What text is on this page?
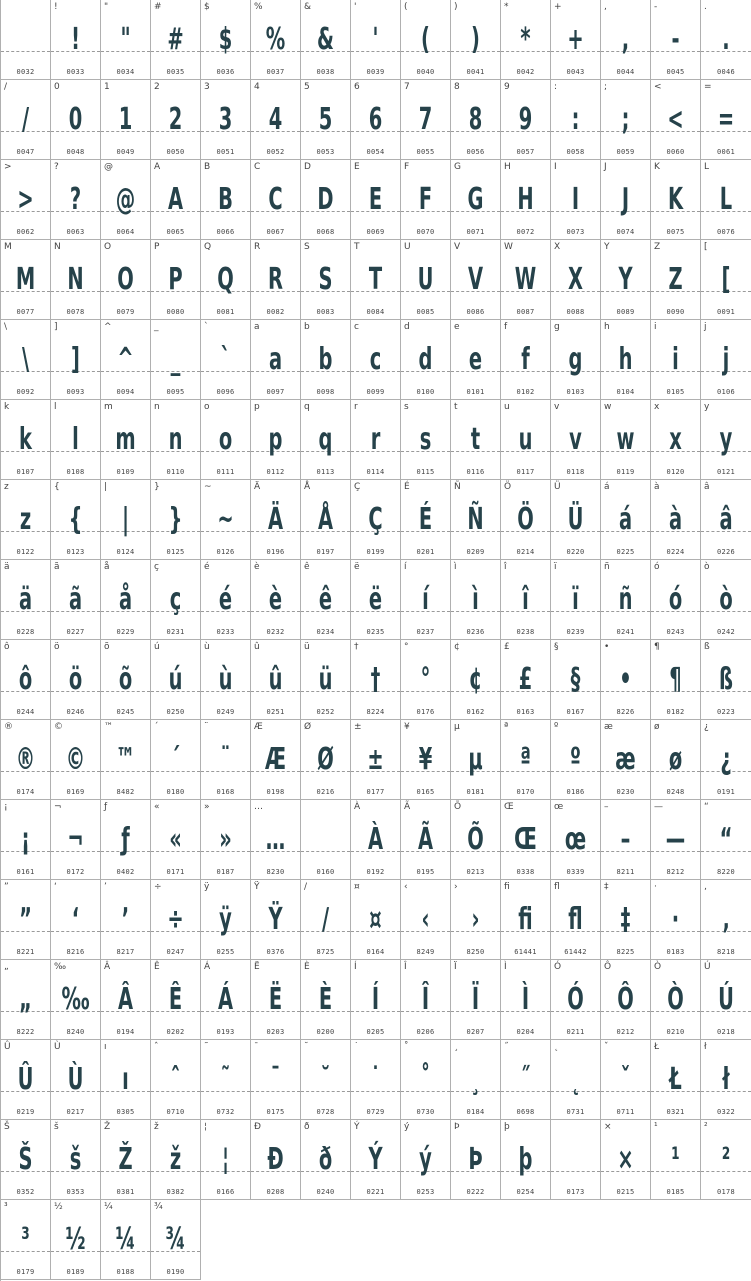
0032
!
!
0033
"
"
0034
#
#
0035
$
$
0036
%
%
0037
&
&
0038
'
'
0039
(
(
0040
)
)
0041
*
*
0042
+
+
0043
,
,
0044
-
-
0045
.
.
0046
/
/
0047
0
0
0048
1
1
0049
2
2
0050
3
3
0051
4
4
0052
5
5
0053
6
6
0054
7
7
0055
8
8
0056
9
9
0057
:
:
0058
;
;
0059
<
<
0060
=
=
0061
>
>
0062
?
?
0063
@
@
0064
A
A
0065
B
B
0066
C
C
0067
D
D
0068
E
E
0069
F
F
0070
G
G
0071
H
H
0072
I
I
0073
J
J
0074
K
K
0075
L
L
0076
M
M
0077
N
N
0078
O
O
0079
P
P
0080
Q
Q
0081
R
R
0082
S
S
0083
T
T
0084
U
U
0085
V
V
0086
W
W
0087
X
X
0088
Y
Y
0089
Z
Z
0090
[
[
0091
\
\
0092
]
]
0093
^
^
0094
_
_
0095
`
`
0096
a
a
0097
b
b
0098
c
c
0099
d
d
0100
e
e
0101
f
f
0102
g
g
0103
h
h
0104
i
i
0105
j
j
0106
k
k
0107
l
l
0108
m
m
0109
n
n
0110
o
o
0111
p
p
0112
q
q
0113
r
r
0114
s
s
0115
t
t
0116
u
u
0117
v
v
0118
w
w
0119
x
x
0120
y
y
0121
z
z
0122
{
{
0123
|
|
0124
}
}
0125
~
~
0126
Ä
Ä
0196
Å
Å
0197
Ç
Ç
0199
É
É
0201
Ñ
Ñ
0209
Ö
Ö
0214
Ü
Ü
0220
á
á
0225
à
à
0224
â
â
0226
ä
ä
0228
ã
ã
0227
å
å
0229
ç
ç
0231
é
é
0233
è
è
0232
ê
ê
0234
ë
ë
0235
í
í
0237
ì
ì
0236
î
î
0238
ï
ï
0239
ñ
ñ
0241
ó
ó
0243
ò
ò
0242
ô
ô
0244
ö
ö
0246
õ
õ
0245
ú
ú
0250
ù
ù
0249
û
û
0251
ü
ü
0252
†
†
8224
°
°
0176
¢
¢
0162
£
£
0163
§
§
0167
•
•
8226
¶
¶
0182
ß
ß
0223
®
®
0174
©
©
0169
™
™
8482
´
´
0180
¨
¨
0168
Æ
Æ
0198
Ø
Ø
0216
±
±
0177
¥
¥
0165
µ
µ
0181
ª
ª
0170
º
º
0186
æ
æ
0230
ø
ø
0248
¿
¿
0191
¡
¡
0161
¬
¬
0172
ƒ
ƒ
0402
«
«
0171
»
»
0187
…
…
8230	0160
À
À
0192
Ã
Ã
0195
Õ
Õ
0213
Œ
Œ
0338
œ
œ
0339
–
–
8211
—
—
8212
“
“
8220
”
”
8221
‘
‘
8216
’
’
8217
÷
÷
0247
ÿ
ÿ
0255
Ÿ
Ÿ
0376
∕
∕
8725
¤
¤
0164
‹
‹
8249
›
›
8250
fi
fi
61441
fl
fl
61442
‡
‡
8225
·
·
0183
‚
‚
8218
„
„
8222
‰
‰
8240
Â
Â
0194
Ê
Ê
0202
Á
Á
0193
Ë
Ë
0203
È
È
0200
Í
Í
0205
Î
Î
0206
Ï
Ï
0207
Ì
Ì
0204
Ó
Ó
0211
Ô
Ô
0212
Ò
Ò
0210
Ú
Ú
0218
Û
Û
0219
Ù
Ù
0217
ı
ı
0305
ˆ
ˆ
0710
˜
˜
0732
¯
¯
0175
˘
˘
0728
˙
˙
0729
˚
˚
0730
¸
¸
0184
˝
˝
0698
˛
˛
0731
ˇ
ˇ
0711
Ł
Ł
0321
ł
ł
0322
Š
Š
0352
š
š
0353
Ž
Ž
0381
ž
ž
0382
¦
¦
0166
Ð
Ð
0208
ð
ð
0240
Ý
Ý
0221
ý
ý
0253
Þ
Þ
0222
þ
þ
0254	0173
×
×
0215
¹
¹
0185
²
²
0178
³
³
0179
½
½
0189
¼
¼
0188
¾
¾
0190
